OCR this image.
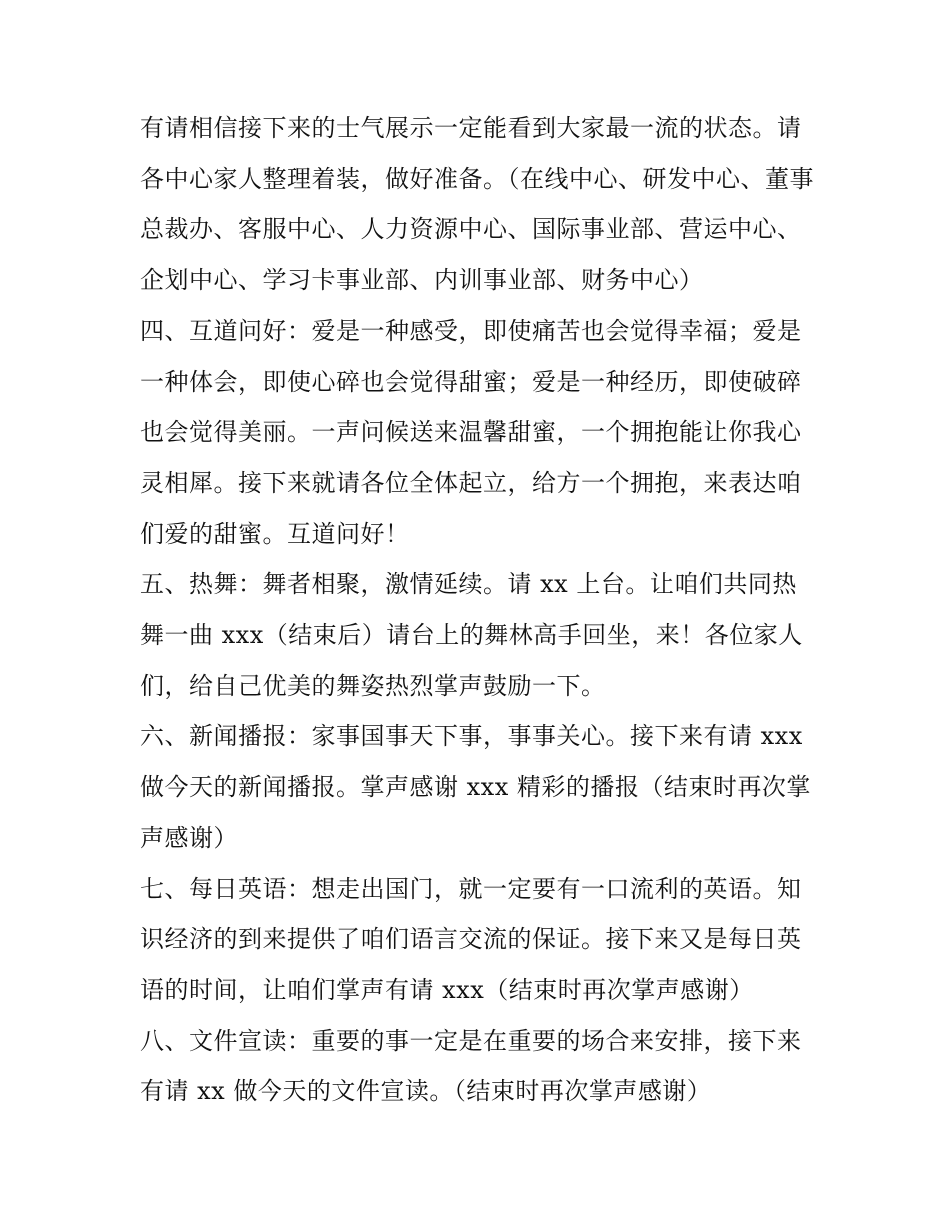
有请相信接下来的士气展示一定能看到大家最一流的状态。请各中心家人整理着装，做好准备。（在线中心、研发中心、董事总裁办、客服中心、人力资源中心、国际事业部、营运中心、企划中心、学习卡事业部、内训事业部、财务中心）

四、互道问好：爱是一种感受，即使痛苦也会觉得幸福；爱是一种体会，即使心碎也会觉得甜蜜；爱是一种经历，即使破碎也会觉得美丽。一声问候送来温馨甜蜜，一个拥抱能让你我心灵相犀。接下来就请各位全体起立，给方一个拥抱，来表达咱们爱的甜蜜。互道问好！

五、热舞：舞者相聚，激情延续。请 xx 上台。让咱们共同热舞一曲 xxx（结束后）请台上的舞林高手回坐，来！各位家人们，给自己优美的舞姿热烈掌声鼓励一下。

六、新闻播报：家事国事天下事，事事关心。接下来有请 xxx做今天的新闻播报。掌声感谢 xxx 精彩的播报（结束时再次掌声感谢）

七、每日英语：想走出国门，就一定要有一口流利的英语。知识经济的到来提供了咱们语言交流的保证。接下来又是每日英语的时间，让咱们掌声有请 xxx（结束时再次掌声感谢）

八、文件宣读：重要的事一定是在重要的场合来安排，接下来有请 xx 做今天的文件宣读。（结束时再次掌声感谢）
